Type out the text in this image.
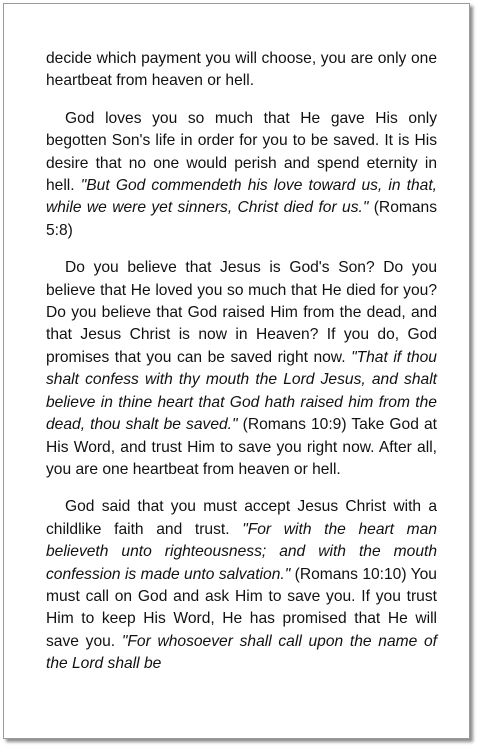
decide which payment you will choose, you are only one heartbeat from heaven or hell.

God loves you so much that He gave His only begotten Son's life in order for you to be saved. It is His desire that no one would perish and spend eternity in hell. "But God commendeth his love toward us, in that, while we were yet sinners, Christ died for us." (Romans 5:8)

Do you believe that Jesus is God's Son? Do you believe that He loved you so much that He died for you? Do you believe that God raised Him from the dead, and that Jesus Christ is now in Heaven? If you do, God promises that you can be saved right now. "That if thou shalt confess with thy mouth the Lord Jesus, and shalt believe in thine heart that God hath raised him from the dead, thou shalt be saved." (Romans 10:9) Take God at His Word, and trust Him to save you right now. After all, you are one heartbeat from heaven or hell.

God said that you must accept Jesus Christ with a childlike faith and trust. "For with the heart man believeth unto righteousness; and with the mouth confession is made unto salvation." (Romans 10:10) You must call on God and ask Him to save you. If you trust Him to keep His Word, He has promised that He will save you. "For whosoever shall call upon the name of the Lord shall be
